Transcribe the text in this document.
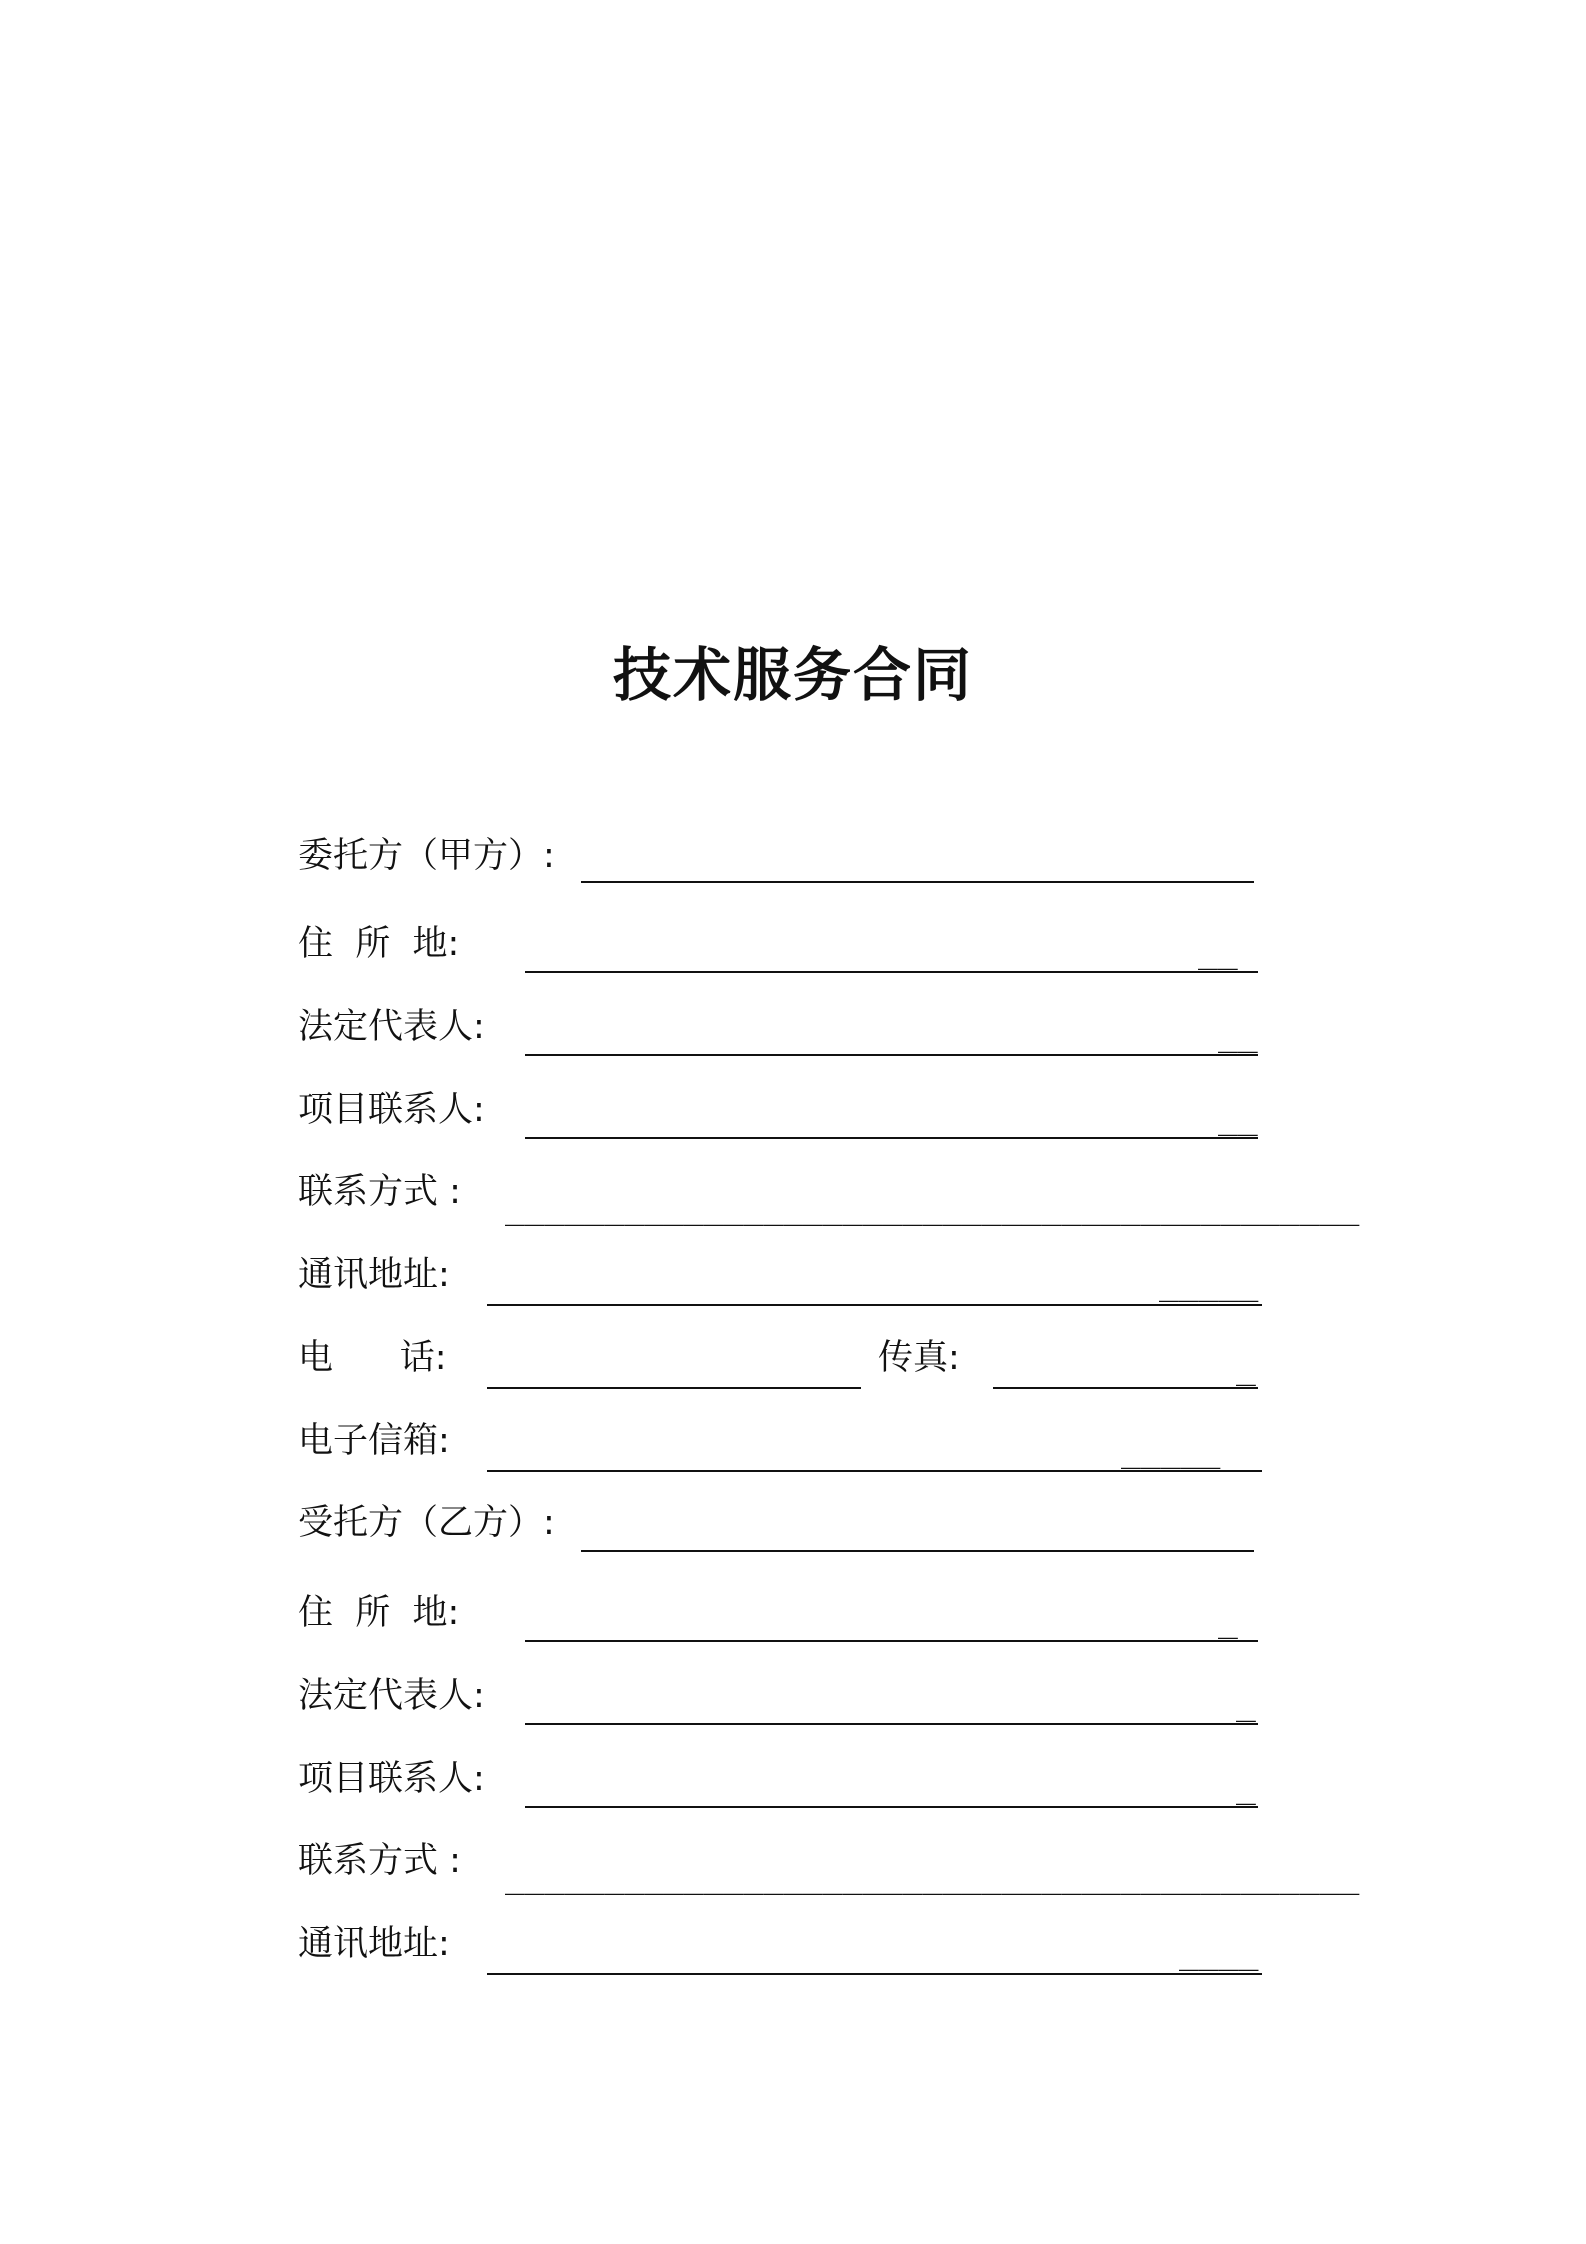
技术服务合同
委托方（甲方）:
住  所  地:	__
法定代表人:	__
项目联系人:	__
联系方式 : ___________________________________________
通讯地址:	_____
电      话:	传真:	_
电子信箱:	_____
受托方（乙方）:
住  所  地:	_
法定代表人:	_
项目联系人:	_
联系方式 : ___________________________________________
通讯地址:	____
